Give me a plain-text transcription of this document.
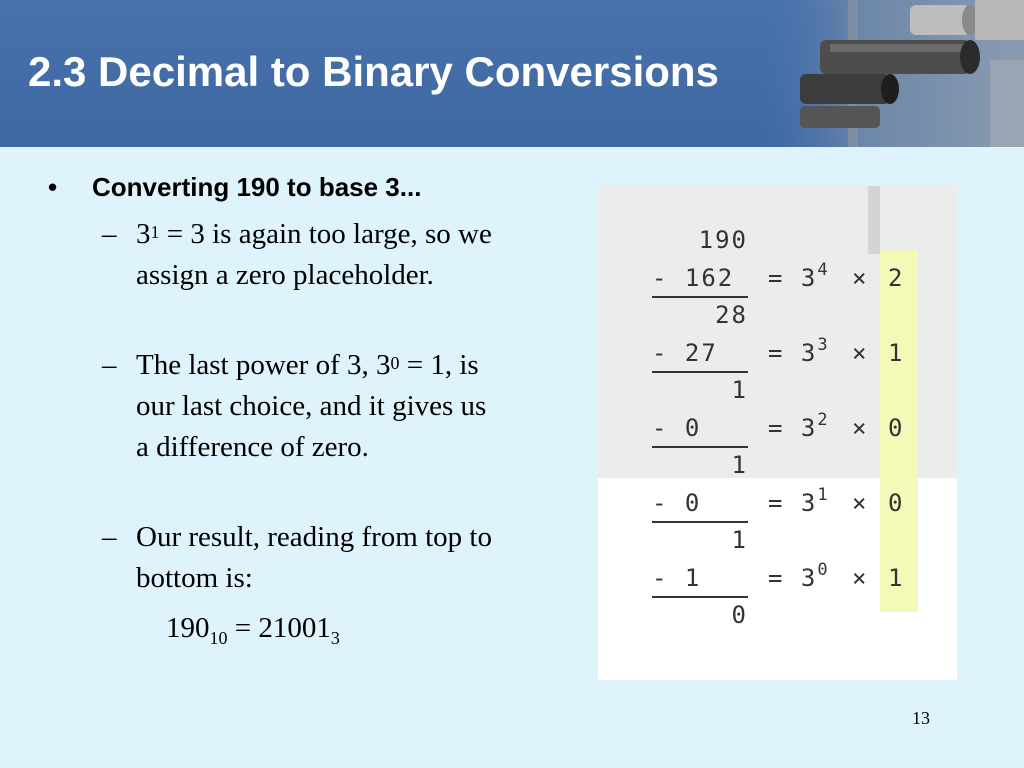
2.3 Decimal to Binary Conversions
• Converting 190 to base 3...
– $3^1 = 3$ is again too large, so we assign a zero placeholder.
– The last power of 3, $3^0 = 1$, is our last choice, and it gives us a difference of zero.
– Our result, reading from top to bottom is:
$190_{10} = 21001_3$
190
- $162 = 3^4 \times 2$
28
- $27 = 3^3 \times 1$
1
- 0	= $3^2 \times 0$
1
- 0	= $3^1 \times 0$
1
- 1	= $3^0 \times 1$
0
13
